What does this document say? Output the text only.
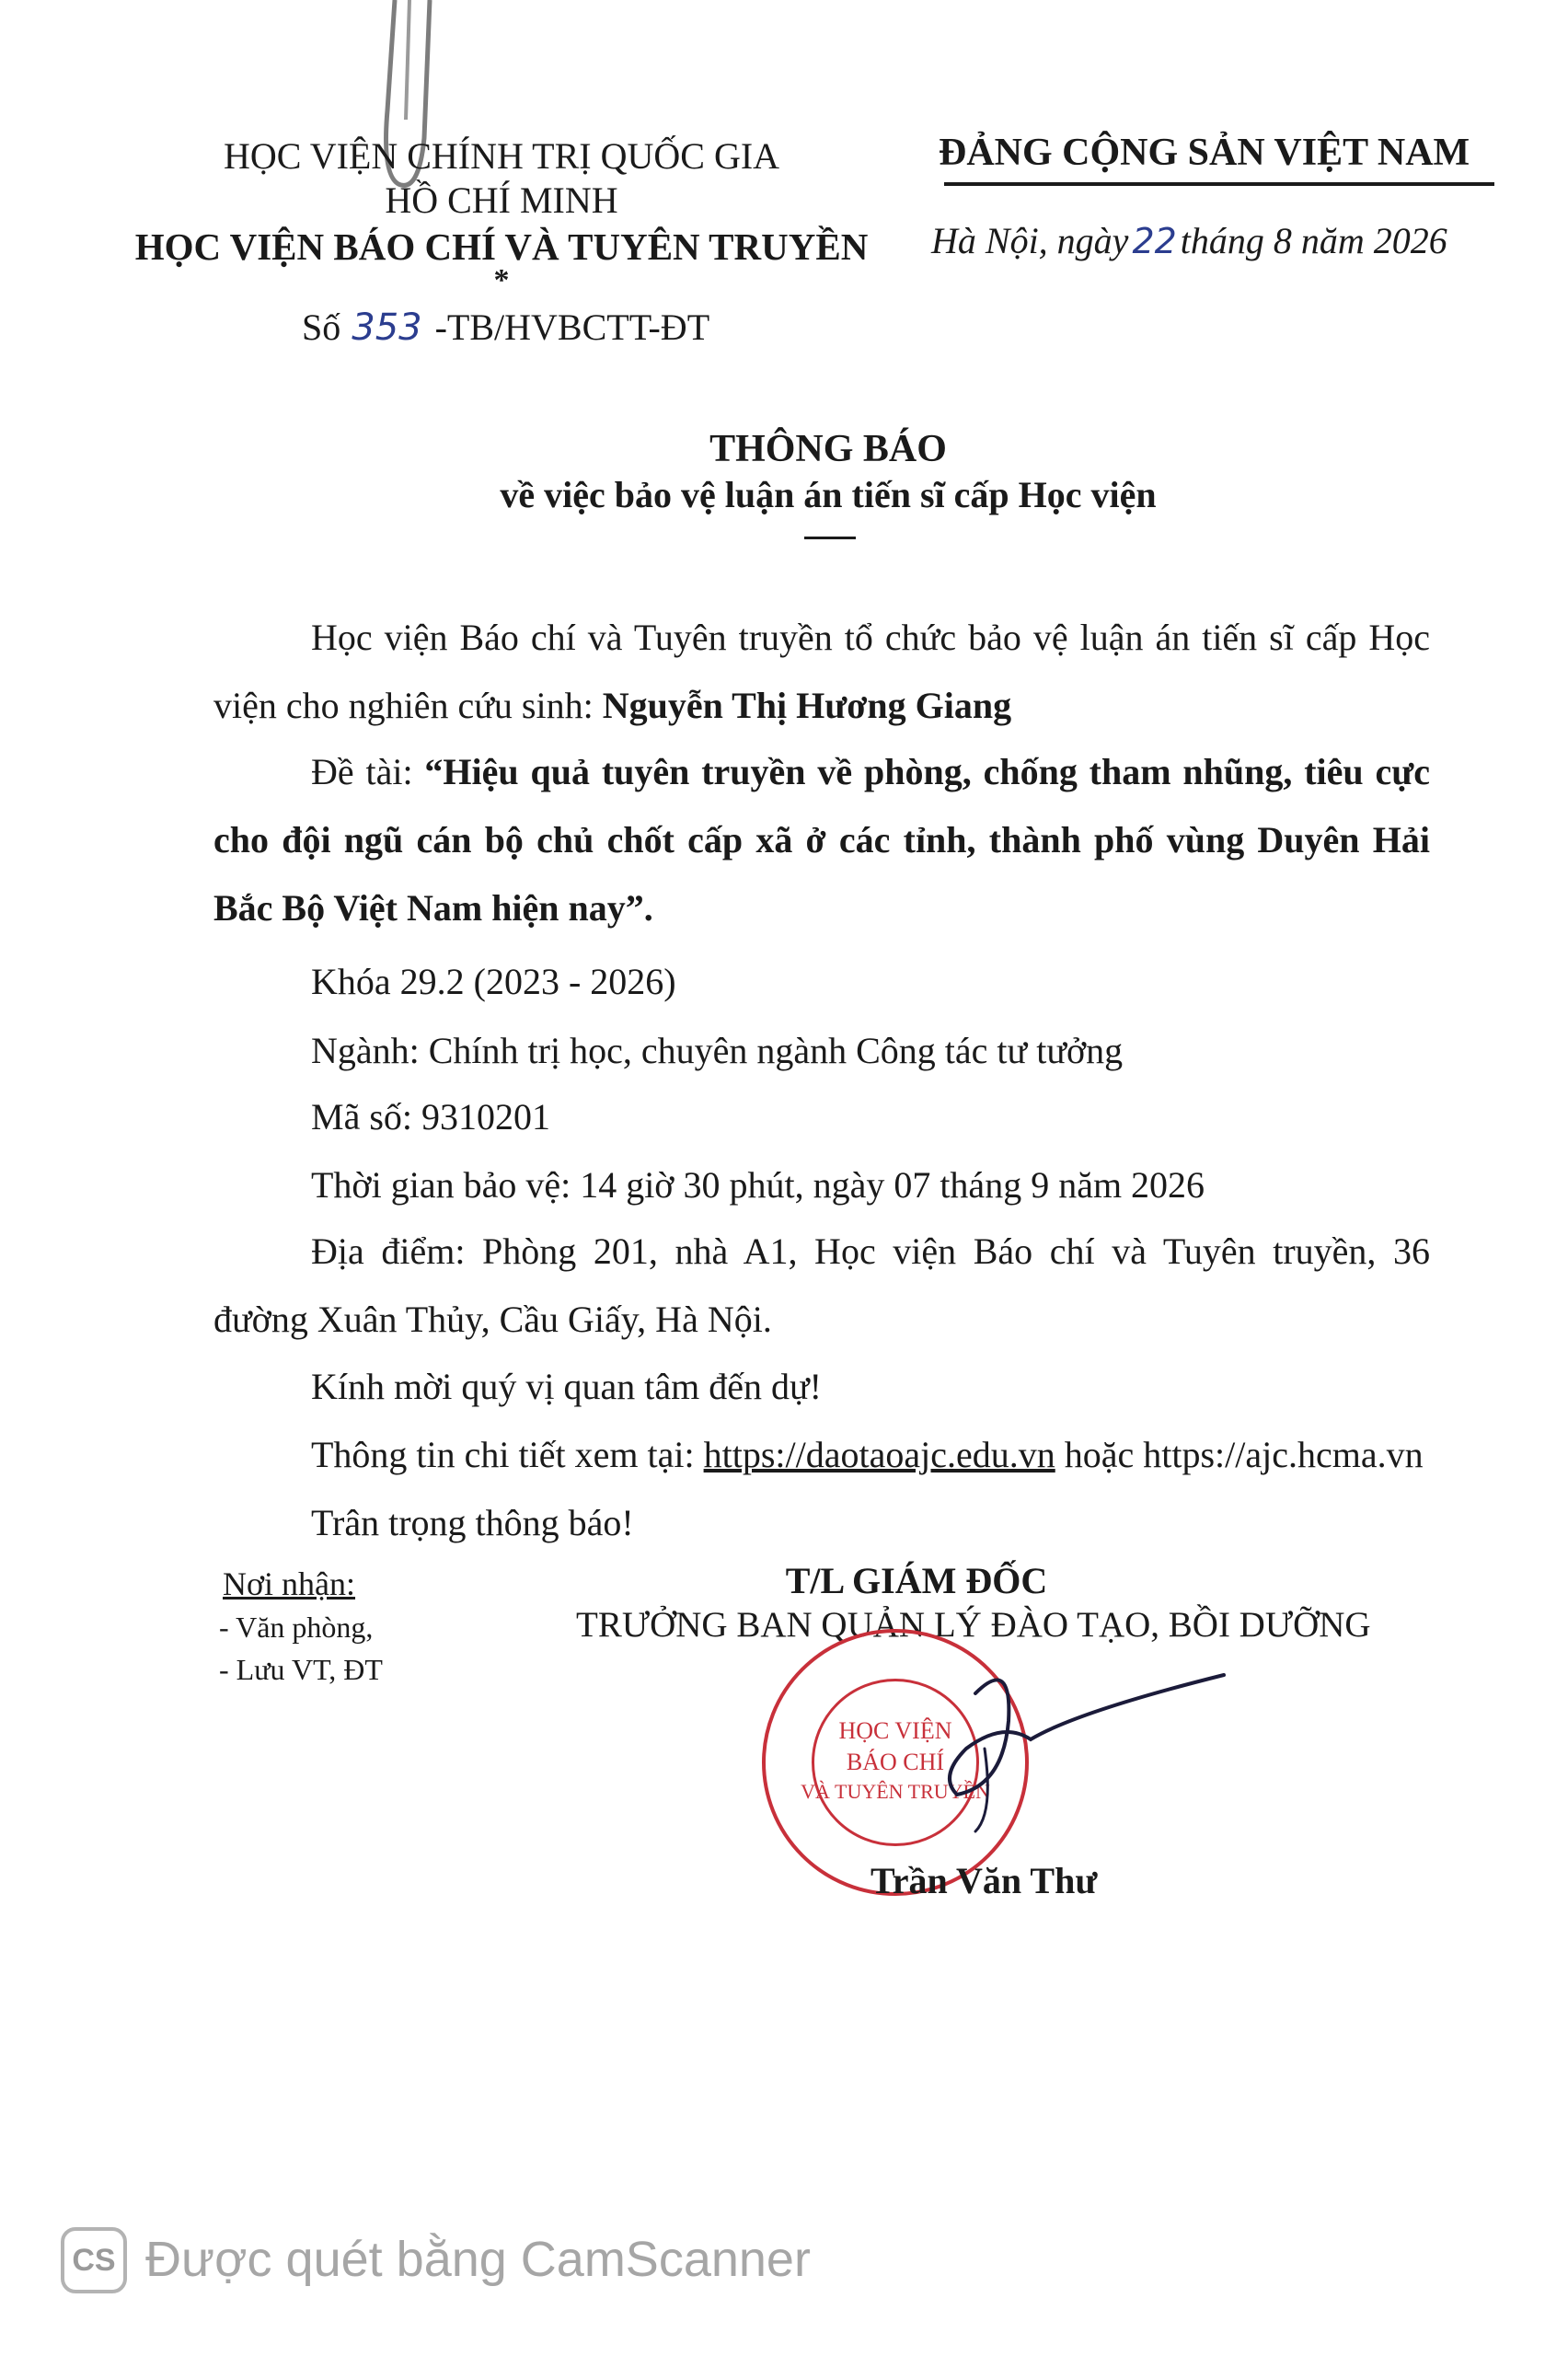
HỌC VIỆN CHÍNH TRỊ QUỐC GIA
HỒ CHÍ MINH
HỌC VIỆN BÁO CHÍ VÀ TUYÊN TRUYỀN
*
Số 353 -TB/HVBCTT-ĐT
ĐẢNG CỘNG SẢN VIỆT NAM
Hà Nội, ngày 22 tháng 8 năm 2026
THÔNG BÁO
về việc bảo vệ luận án tiến sĩ cấp Học viện
Học viện Báo chí và Tuyên truyền tổ chức bảo vệ luận án tiến sĩ cấp Học viện cho nghiên cứu sinh: Nguyễn Thị Hương Giang
Đề tài: “Hiệu quả tuyên truyền về phòng, chống tham nhũng, tiêu cực cho đội ngũ cán bộ chủ chốt cấp xã ở các tỉnh, thành phố vùng Duyên Hải Bắc Bộ Việt Nam hiện nay”.
Khóa 29.2 (2023 - 2026)
Ngành: Chính trị học, chuyên ngành Công tác tư tưởng
Mã số: 9310201
Thời gian bảo vệ: 14 giờ 30 phút, ngày 07 tháng 9 năm 2026
Địa điểm: Phòng 201, nhà A1, Học viện Báo chí và Tuyên truyền, 36 đường Xuân Thủy, Cầu Giấy, Hà Nội.
Kính mời quý vị quan tâm đến dự!
Thông tin chi tiết xem tại: https://daotaoajc.edu.vn hoặc https://ajc.hcma.vn
Trân trọng thông báo!
Nơi nhận:
- Văn phòng,
- Lưu VT, ĐT
T/L GIÁM ĐỐC
TRƯỞNG BAN QUẢN LÝ ĐÀO TẠO, BỒI DƯỠNG
HỌC VIỆN
BÁO CHÍ
VÀ TUYÊN TRUYỀN
Trần Văn Thư
CS Được quét bằng CamScanner
